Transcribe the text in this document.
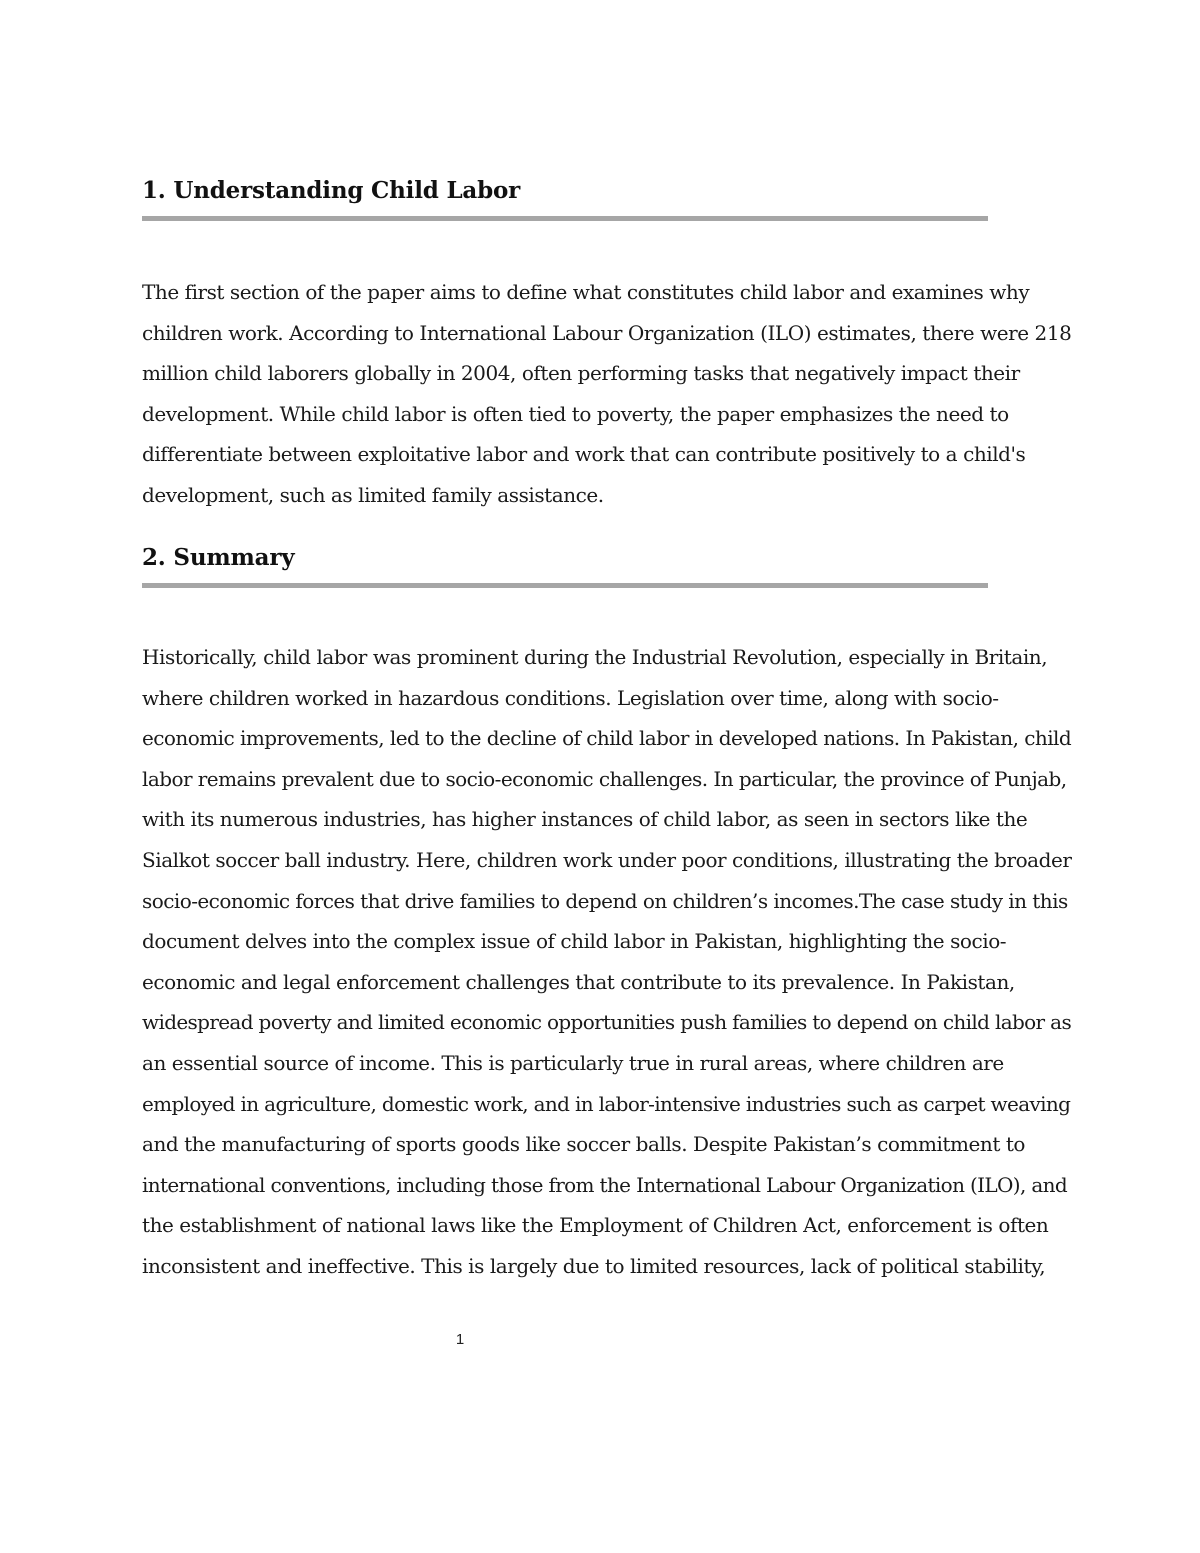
1. Understanding Child Labor
The first section of the paper aims to define what constitutes child labor and examines why
children work. According to International Labour Organization (ILO) estimates, there were 218
million child laborers globally in 2004, often performing tasks that negatively impact their
development. While child labor is often tied to poverty, the paper emphasizes the need to
differentiate between exploitative labor and work that can contribute positively to a child's
development, such as limited family assistance.
2. Summary
Historically, child labor was prominent during the Industrial Revolution, especially in Britain,
where children worked in hazardous conditions. Legislation over time, along with socio-
economic improvements, led to the decline of child labor in developed nations. In Pakistan, child
labor remains prevalent due to socio-economic challenges. In particular, the province of Punjab,
with its numerous industries, has higher instances of child labor, as seen in sectors like the
Sialkot soccer ball industry. Here, children work under poor conditions, illustrating the broader
socio-economic forces that drive families to depend on children’s incomes.The case study in this
document delves into the complex issue of child labor in Pakistan, highlighting the socio-
economic and legal enforcement challenges that contribute to its prevalence. In Pakistan,
widespread poverty and limited economic opportunities push families to depend on child labor as
an essential source of income. This is particularly true in rural areas, where children are
employed in agriculture, domestic work, and in labor-intensive industries such as carpet weaving
and the manufacturing of sports goods like soccer balls. Despite Pakistan’s commitment to
international conventions, including those from the International Labour Organization (ILO), and
the establishment of national laws like the Employment of Children Act, enforcement is often
inconsistent and ineffective. This is largely due to limited resources, lack of political stability,
1
